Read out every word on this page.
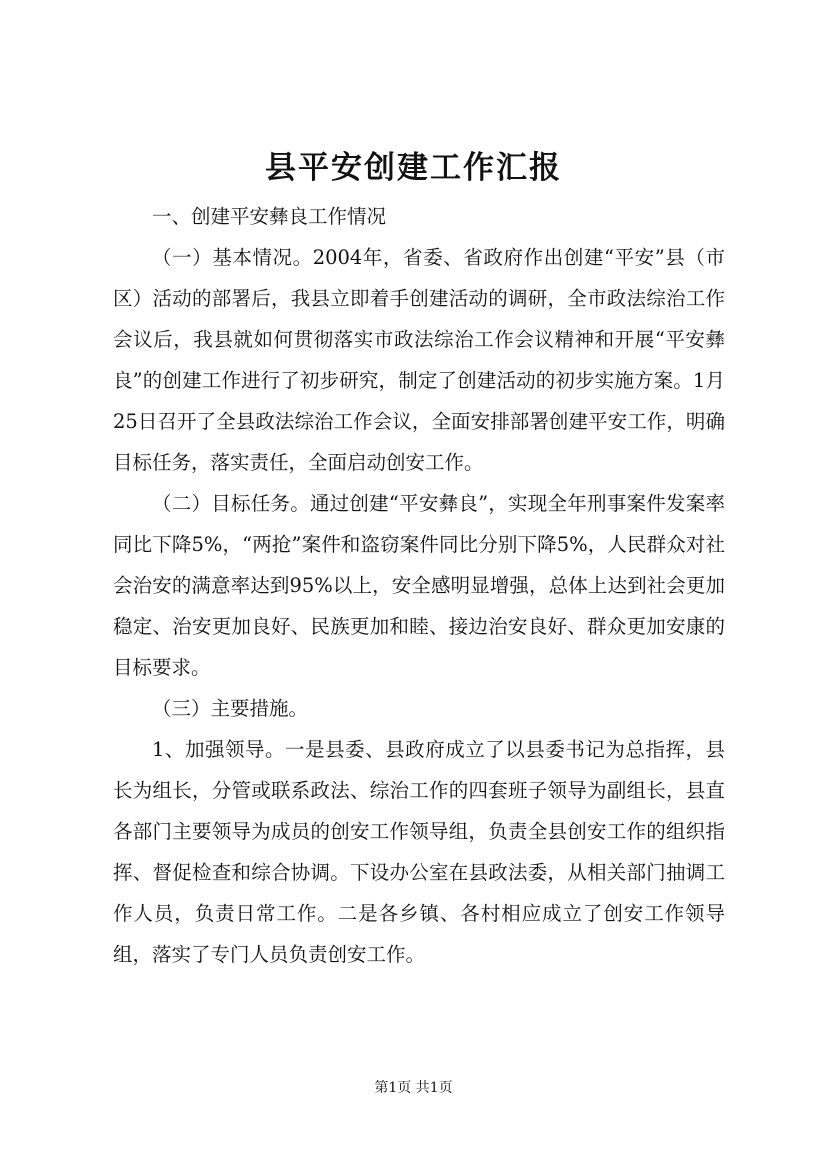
县平安创建工作汇报

一、创建平安彝良工作情况

（一）基本情况。2004年，省委、省政府作出创建“平安”县（市区）活动的部署后，我县立即着手创建活动的调研，全市政法综治工作会议后，我县就如何贯彻落实市政法综治工作会议精神和开展“平安彝良”的创建工作进行了初步研究，制定了创建活动的初步实施方案。1月25日召开了全县政法综治工作会议，全面安排部署创建平安工作，明确目标任务，落实责任，全面启动创安工作。

（二）目标任务。通过创建“平安彝良”，实现全年刑事案件发案率同比下降5%，“两抢”案件和盗窃案件同比分别下降5%，人民群众对社会治安的满意率达到95%以上，安全感明显增强，总体上达到社会更加稳定、治安更加良好、民族更加和睦、接边治安良好、群众更加安康的目标要求。

（三）主要措施。

1、加强领导。一是县委、县政府成立了以县委书记为总指挥，县长为组长，分管或联系政法、综治工作的四套班子领导为副组长，县直各部门主要领导为成员的创安工作领导组，负责全县创安工作的组织指挥、督促检查和综合协调。下设办公室在县政法委，从相关部门抽调工作人员，负责日常工作。二是各乡镇、各村相应成立了创安工作领导组，落实了专门人员负责创安工作。

第1页 共1页
